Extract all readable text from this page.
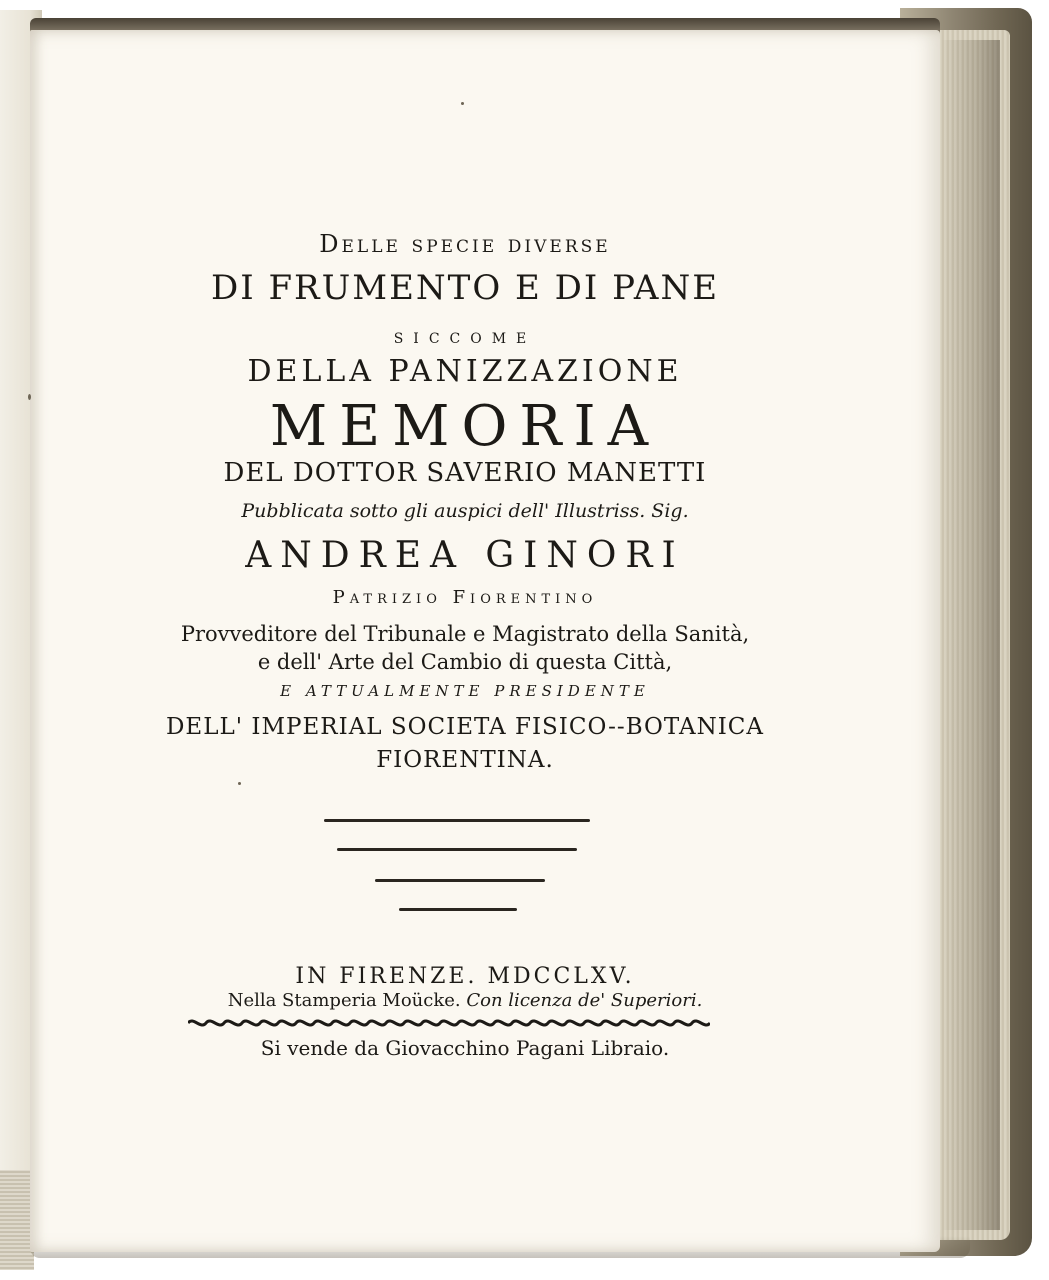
Delle specie diverse
DI FRUMENTO E DI PANE
siccome
DELLA PANIZZAZIONE
MEMORIA
DEL DOTTOR SAVERIO MANETTI
Pubblicata sotto gli auspici dell' Illustriss. Sig.
ANDREA GINORI
Patrizio Fiorentino
Provveditore del Tribunale e Magistrato della Sanità,
e dell' Arte del Cambio di questa Città,
E ATTUALMENTE PRESIDENTE
DELL' IMPERIAL SOCIETA FISICO--BOTANICA
FIORENTINA.
IN FIRENZE. MDCCLXV.
Nella Stamperia Moücke. Con licenza de' Superiori.
Si vende da Giovacchino Pagani Libraio.
